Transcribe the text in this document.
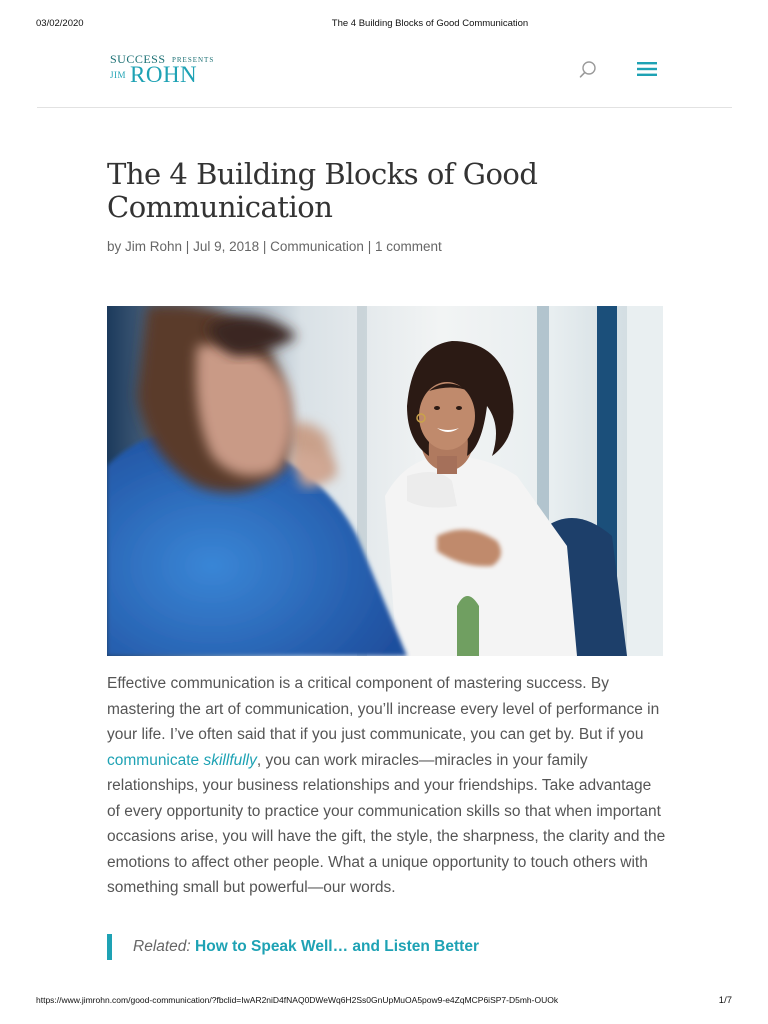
03/02/2020	The 4 Building Blocks of Good Communication
SUCCESS PRESENTS
JIM ROHN
The 4 Building Blocks of Good Communication
by Jim Rohn | Jul 9, 2018 | Communication | 1 comment

Effective communication is a critical component of mastering success. By mastering the art of communication, you’ll increase every level of performance in your life. I’ve often said that if you just communicate, you can get by. But if you communicate skillfully, you can work miracles—miracles in your family relationships, your business relationships and your friendships. Take advantage of every opportunity to practice your communication skills so that when important occasions arise, you will have the gift, the style, the sharpness, the clarity and the emotions to affect other people. What a unique opportunity to touch others with something small but powerful—our words.

Related: How to Speak Well… and Listen Better
https://www.jimrohn.com/good-communication/?fbclid=IwAR2niD4fNAQ0DWeWq6H2Ss0GnUpMuOA5pow9-e4ZqMCP6iSP7-D5mh-OUOk	1/7
